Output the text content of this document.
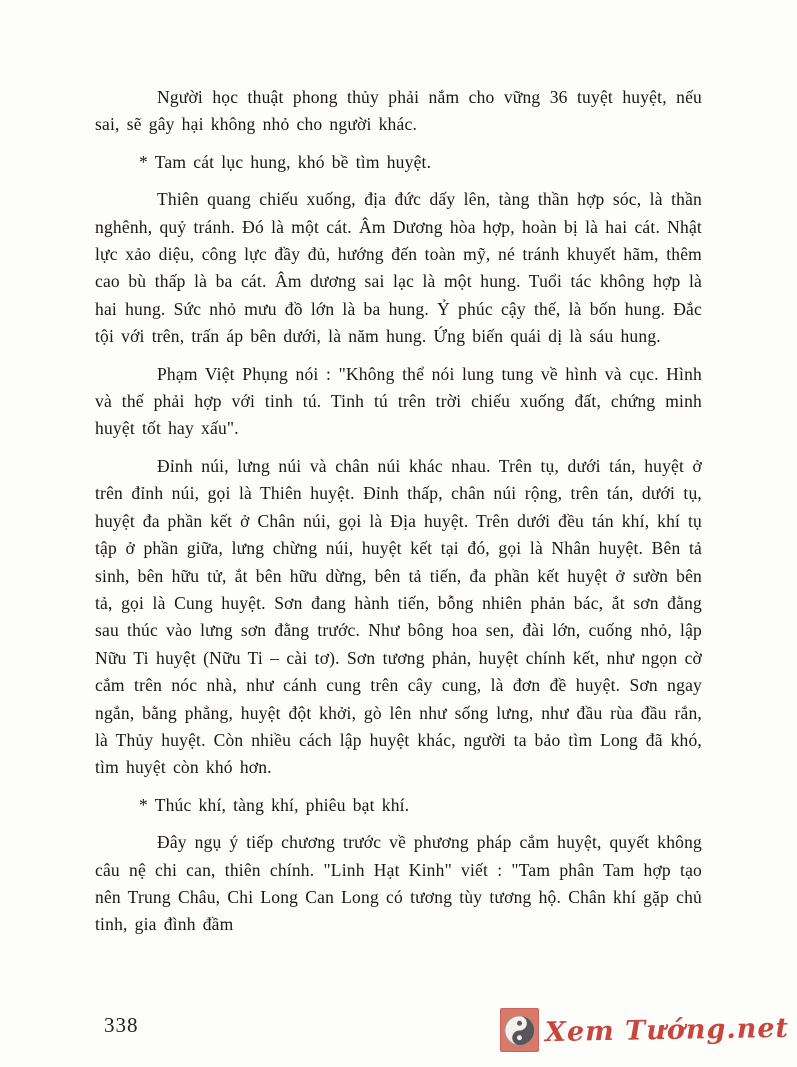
Người học thuật phong thủy phải nắm cho vững 36 tuyệt huyệt, nếu sai, sẽ gây hại không nhỏ cho người khác.

* Tam cát lục hung, khó bề tìm huyệt.

Thiên quang chiếu xuống, địa đức dấy lên, tàng thần hợp sóc, là thần nghênh, quỷ tránh. Đó là một cát. Âm Dương hòa hợp, hoàn bị là hai cát. Nhật lực xảo diệu, công lực đầy đủ, hướng đến toàn mỹ, né tránh khuyết hãm, thêm cao bù thấp là ba cát. Âm dương sai lạc là một hung. Tuổi tác không hợp là hai hung. Sức nhỏ mưu đồ lớn là ba hung. Ỷ phúc cậy thế, là bốn hung. Đắc tội với trên, trấn áp bên dưới, là năm hung. Ứng biến quái dị là sáu hung.

Phạm Việt Phụng nói : "Không thể nói lung tung về hình và cục. Hình và thế phải hợp với tinh tú. Tinh tú trên trời chiếu xuống đất, chứng minh huyệt tốt hay xấu".

Đỉnh núi, lưng núi và chân núi khác nhau. Trên tụ, dưới tán, huyệt ở trên đỉnh núi, gọi là Thiên huyệt. Đỉnh thấp, chân núi rộng, trên tán, dưới tụ, huyệt đa phần kết ở Chân núi, gọi là Địa huyệt. Trên dưới đều tán khí, khí tụ tập ở phần giữa, lưng chừng núi, huyệt kết tại đó, gọi là Nhân huyệt. Bên tả sinh, bên hữu tử, ắt bên hữu dừng, bên tả tiến, đa phần kết huyệt ở sườn bên tả, gọi là Cung huyệt. Sơn đang hành tiến, bỗng nhiên phản bác, ắt sơn đằng sau thúc vào lưng sơn đằng trước. Như bông hoa sen, đài lớn, cuống nhỏ, lập Nữu Ti huyệt (Nữu Ti – cài tơ). Sơn tương phản, huyệt chính kết, như ngọn cờ cắm trên nóc nhà, như cánh cung trên cây cung, là đơn đề huyệt. Sơn ngay ngắn, bằng phẳng, huyệt đột khởi, gò lên như sống lưng, như đầu rùa đầu rắn, là Thủy huyệt. Còn nhiều cách lập huyệt khác, người ta bảo tìm Long đã khó, tìm huyệt còn khó hơn.

* Thúc khí, tàng khí, phiêu bạt khí.

Đây ngụ ý tiếp chương trước về phương pháp cắm huyệt, quyết không câu nệ chi can, thiên chính. "Linh Hạt Kinh" viết : "Tam phân Tam hợp tạo nên Trung Châu, Chi Long Can Long có tương tùy tương hộ. Chân khí gặp chủ tinh, gia đình đầm

338	Xem Tướng.net
